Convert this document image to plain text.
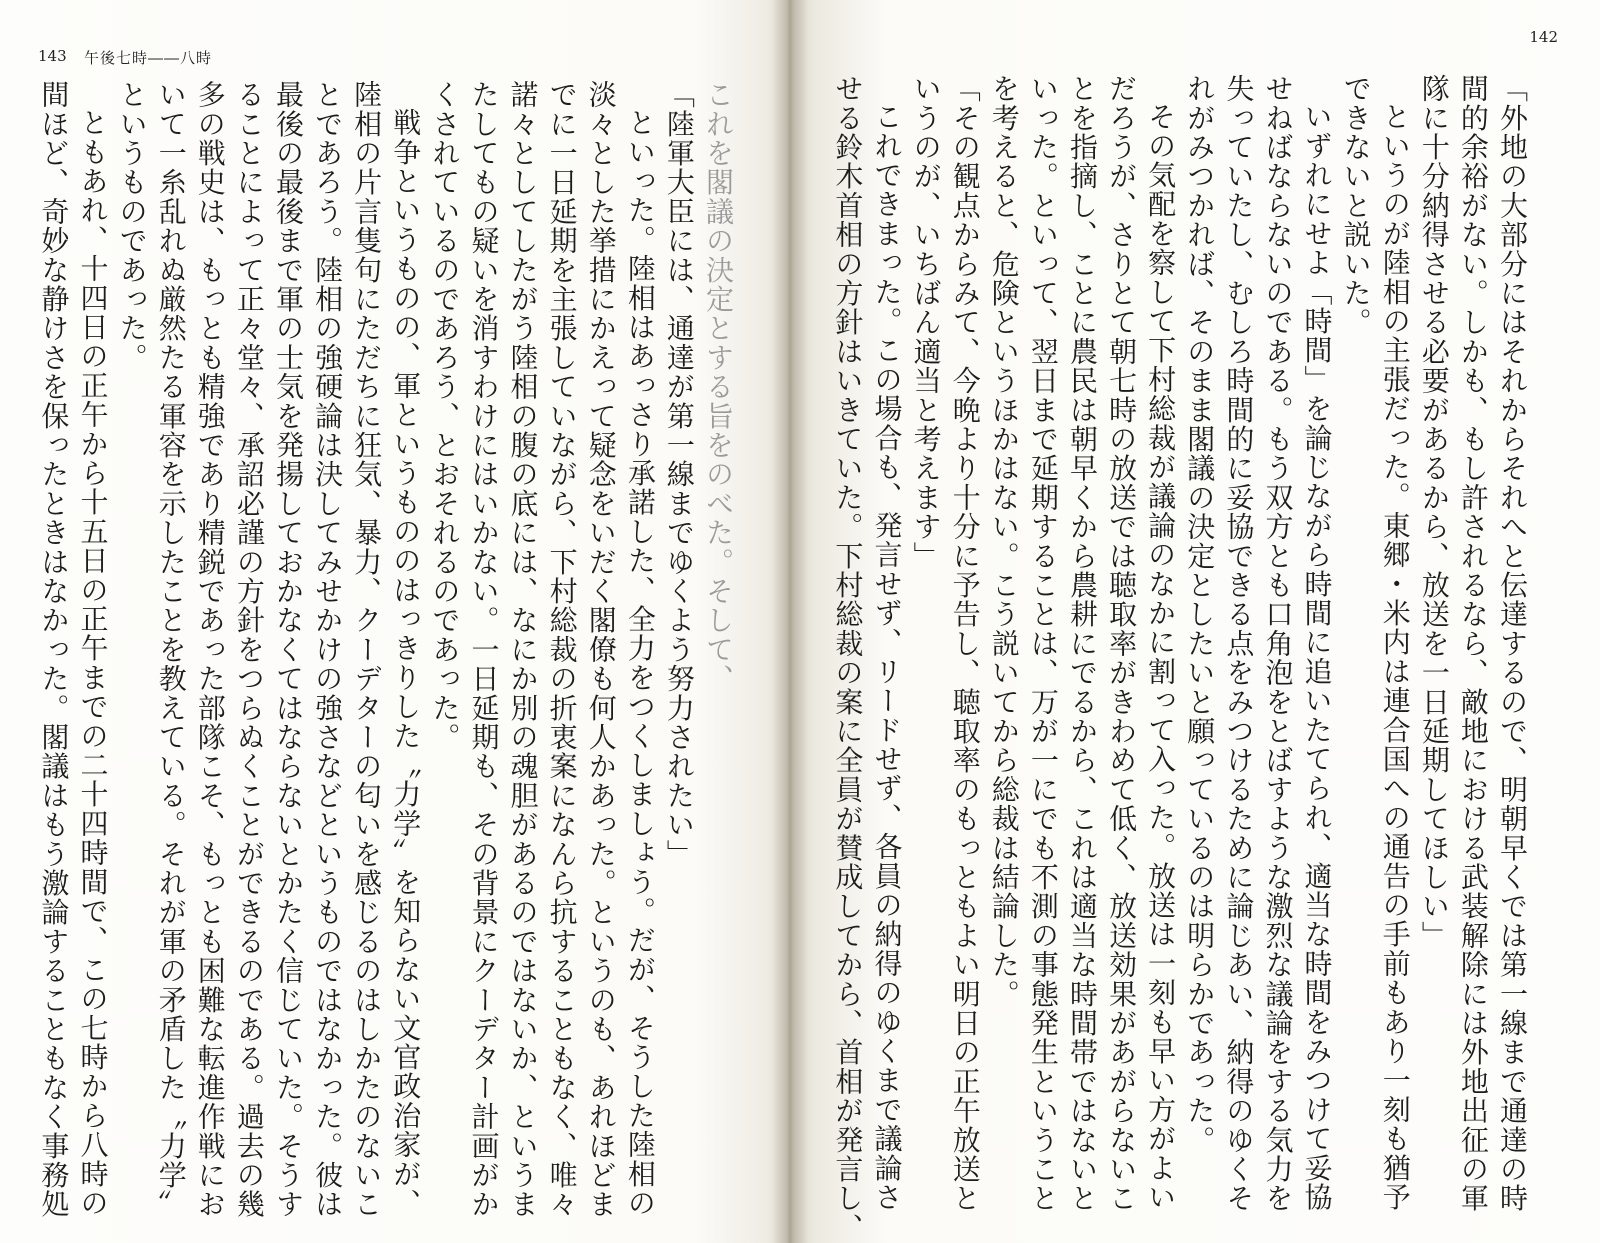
143 午後七時――八時
これを閣議の決定とする旨をのべた。そして、
「陸軍大臣には、通達が第一線までゆくよう努力されたい」
といった。陸相はあっさり承諾した、全力をつくしましょう。だが、そうした陸相の
淡々とした挙措にかえって疑念をいだく閣僚も何人かあった。というのも、あれほどま
でに一日延期を主張していながら、下村総裁の折衷案になんら抗することもなく、唯々
諾々としてしたがう陸相の腹の底には、なにか別の魂胆があるのではないか、というま
たしてもの疑いを消すわけにはいかない。一日延期も、その背景にクーデター計画がか
くされているのであろう、とおそれるのであった。
戦争というものの、軍というもののはっきりした〝力学〟を知らない文官政治家が、
陸相の片言隻句にただちに狂気、暴力、クーデターの匂いを感じるのはしかたのないこ
とであろう。陸相の強硬論は決してみせかけの強さなどというものではなかった。彼は
最後の最後まで軍の士気を発揚しておかなくてはならないとかたく信じていた。そうす
ることによって正々堂々、承詔必謹の方針をつらぬくことができるのである。過去の幾
多の戦史は、もっとも精強であり精鋭であった部隊こそ、もっとも困難な転進作戦にお
いて一糸乱れぬ厳然たる軍容を示したことを教えている。それが軍の矛盾した〝力学〟
というものであった。
ともあれ、十四日の正午から十五日の正午までの二十四時間で、この七時から八時の
間ほど、奇妙な静けさを保ったときはなかった。閣議はもう激論することもなく事務処
142
「外地の大部分にはそれからそれへと伝達するので、明朝早くでは第一線まで通達の時
間的余裕がない。しかも、もし許されるなら、敵地における武装解除には外地出征の軍
隊に十分納得させる必要があるから、放送を一日延期してほしい」
というのが陸相の主張だった。東郷・米内は連合国への通告の手前もあり一刻も猶予
できないと説いた。
いずれにせよ「時間」を論じながら時間に追いたてられ、適当な時間をみつけて妥協
せねばならないのである。もう双方とも口角泡をとばすような激烈な議論をする気力を
失っていたし、むしろ時間的に妥協できる点をみつけるために論じあい、納得のゆくそ
れがみつかれば、そのまま閣議の決定としたいと願っているのは明らかであった。
その気配を察して下村総裁が議論のなかに割って入った。放送は一刻も早い方がよい
だろうが、さりとて朝七時の放送では聴取率がきわめて低く、放送効果があがらないこ
とを指摘し、ことに農民は朝早くから農耕にでるから、これは適当な時間帯ではないと
いった。といって、翌日まで延期することは、万が一にでも不測の事態発生ということ
を考えると、危険というほかはない。こう説いてから総裁は結論した。
「その観点からみて、今晩より十分に予告し、聴取率のもっともよい明日の正午放送と
いうのが、いちばん適当と考えます」
これできまった。この場合も、発言せず、リードせず、各員の納得のゆくまで議論さ
せる鈴木首相の方針はいきていた。下村総裁の案に全員が賛成してから、首相が発言し、
